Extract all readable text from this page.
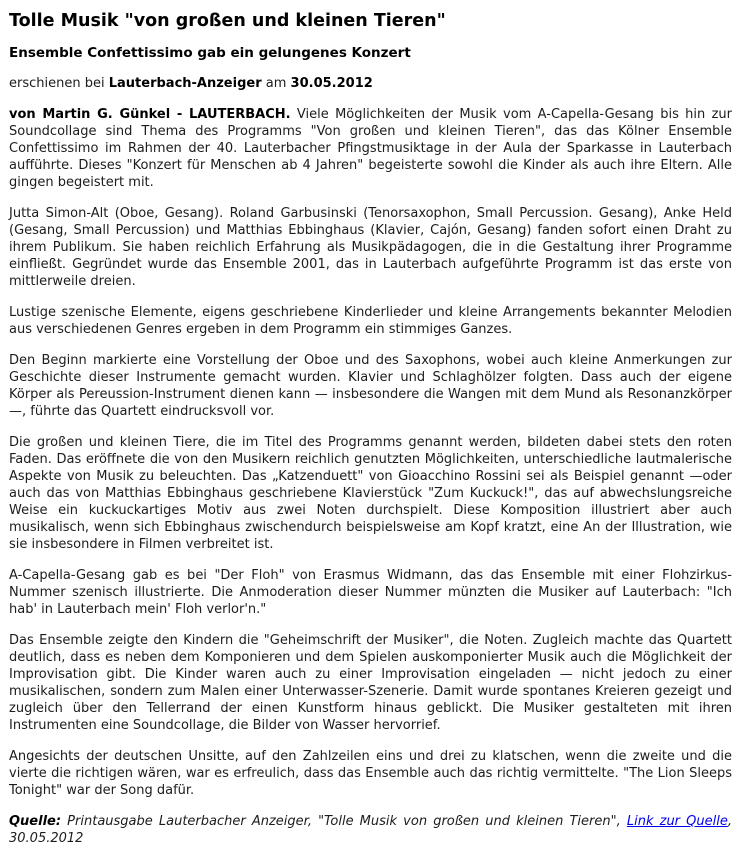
Tolle Musik "von großen und kleinen Tieren"
Ensemble Confettissimo gab ein gelungenes Konzert

erschienen bei Lauterbach-Anzeiger am 30.05.2012

von Martin G. Günkel - LAUTERBACH. Viele Möglichkeiten der Musik vom A-Capella-Gesang bis hin zur Soundcollage sind Thema des Programms "Von großen und kleinen Tieren", das das Kölner Ensemble Confettissimo im Rahmen der 40. Lauterbacher Pfingstmusiktage in der Aula der Sparkasse in Lauterbach aufführte. Dieses "Konzert für Menschen ab 4 Jahren" begeisterte sowohl die Kinder als auch ihre Eltern. Alle gingen begeistert mit.

Jutta Simon-Alt (Oboe, Gesang). Roland Garbusinski (Tenorsaxophon, Small Percussion. Gesang), Anke Held (Gesang, Small Percussion) und Matthias Ebbinghaus (Klavier, Cajón, Gesang) fanden sofort einen Draht zu ihrem Publikum. Sie haben reichlich Erfahrung als Musikpädagogen, die in die Gestaltung ihrer Programme einfließt. Gegründet wurde das Ensemble 2001, das in Lauterbach aufgeführte Programm ist das erste von mittlerweile dreien.

Lustige szenische Elemente, eigens geschriebene Kinderlieder und kleine Arrangements bekannter Melodien aus verschiedenen Genres ergeben in dem Programm ein stimmiges Ganzes.

Den Beginn markierte eine Vorstellung der Oboe und des Saxophons, wobei auch kleine Anmerkungen zur Geschichte dieser Instrumente gemacht wurden. Klavier und Schlaghölzer folgten. Dass auch der eigene Körper als Pereussion-Instrument dienen kann — insbesondere die Wangen mit dem Mund als Resonanzkörper —, führte das Quartett eindrucksvoll vor.

Die großen und kleinen Tiere, die im Titel des Programms genannt werden, bildeten dabei stets den roten Faden. Das eröffnete die von den Musikern reichlich genutzten Möglichkeiten, unterschiedliche lautmalerische Aspekte von Musik zu beleuchten. Das „Katzenduett" von Gioacchino Rossini sei als Beispiel genannt —oder auch das von Matthias Ebbinghaus geschriebene Klavierstück "Zum Kuckuck!", das auf abwechslungsreiche Weise ein kuckuckartiges Motiv aus zwei Noten durchspielt. Diese Komposition illustriert aber auch musikalisch, wenn sich Ebbinghaus zwischendurch beispielsweise am Kopf kratzt, eine An der Illustration, wie sie insbesondere in Filmen verbreitet ist.

A-Capella-Gesang gab es bei "Der Floh" von Erasmus Widmann, das das Ensemble mit einer Flohzirkus-Nummer szenisch illustrierte. Die Anmoderation dieser Nummer münzten die Musiker auf Lauterbach: "Ich hab' in Lauterbach mein' Floh verlor'n."

Das Ensemble zeigte den Kindern die "Geheimschrift der Musiker", die Noten. Zugleich machte das Quartett deutlich, dass es neben dem Komponieren und dem Spielen auskomponierter Musik auch die Möglichkeit der Improvisation gibt. Die Kinder waren auch zu einer Improvisation eingeladen — nicht jedoch zu einer musikalischen, sondern zum Malen einer Unterwasser-Szenerie. Damit wurde spontanes Kreieren gezeigt und zugleich über den Tellerrand der einen Kunstform hinaus geblickt. Die Musiker gestalteten mit ihren Instrumenten eine Soundcollage, die Bilder von Wasser hervorrief.

Angesichts der deutschen Unsitte, auf den Zahlzeilen eins und drei zu klatschen, wenn die zweite und die vierte die richtigen wären, war es erfreulich, dass das Ensemble auch das richtig vermittelte. "The Lion Sleeps Tonight" war der Song dafür.

Quelle: Printausgabe Lauterbacher Anzeiger, "Tolle Musik von großen und kleinen Tieren", Link zur Quelle, 30.05.2012
